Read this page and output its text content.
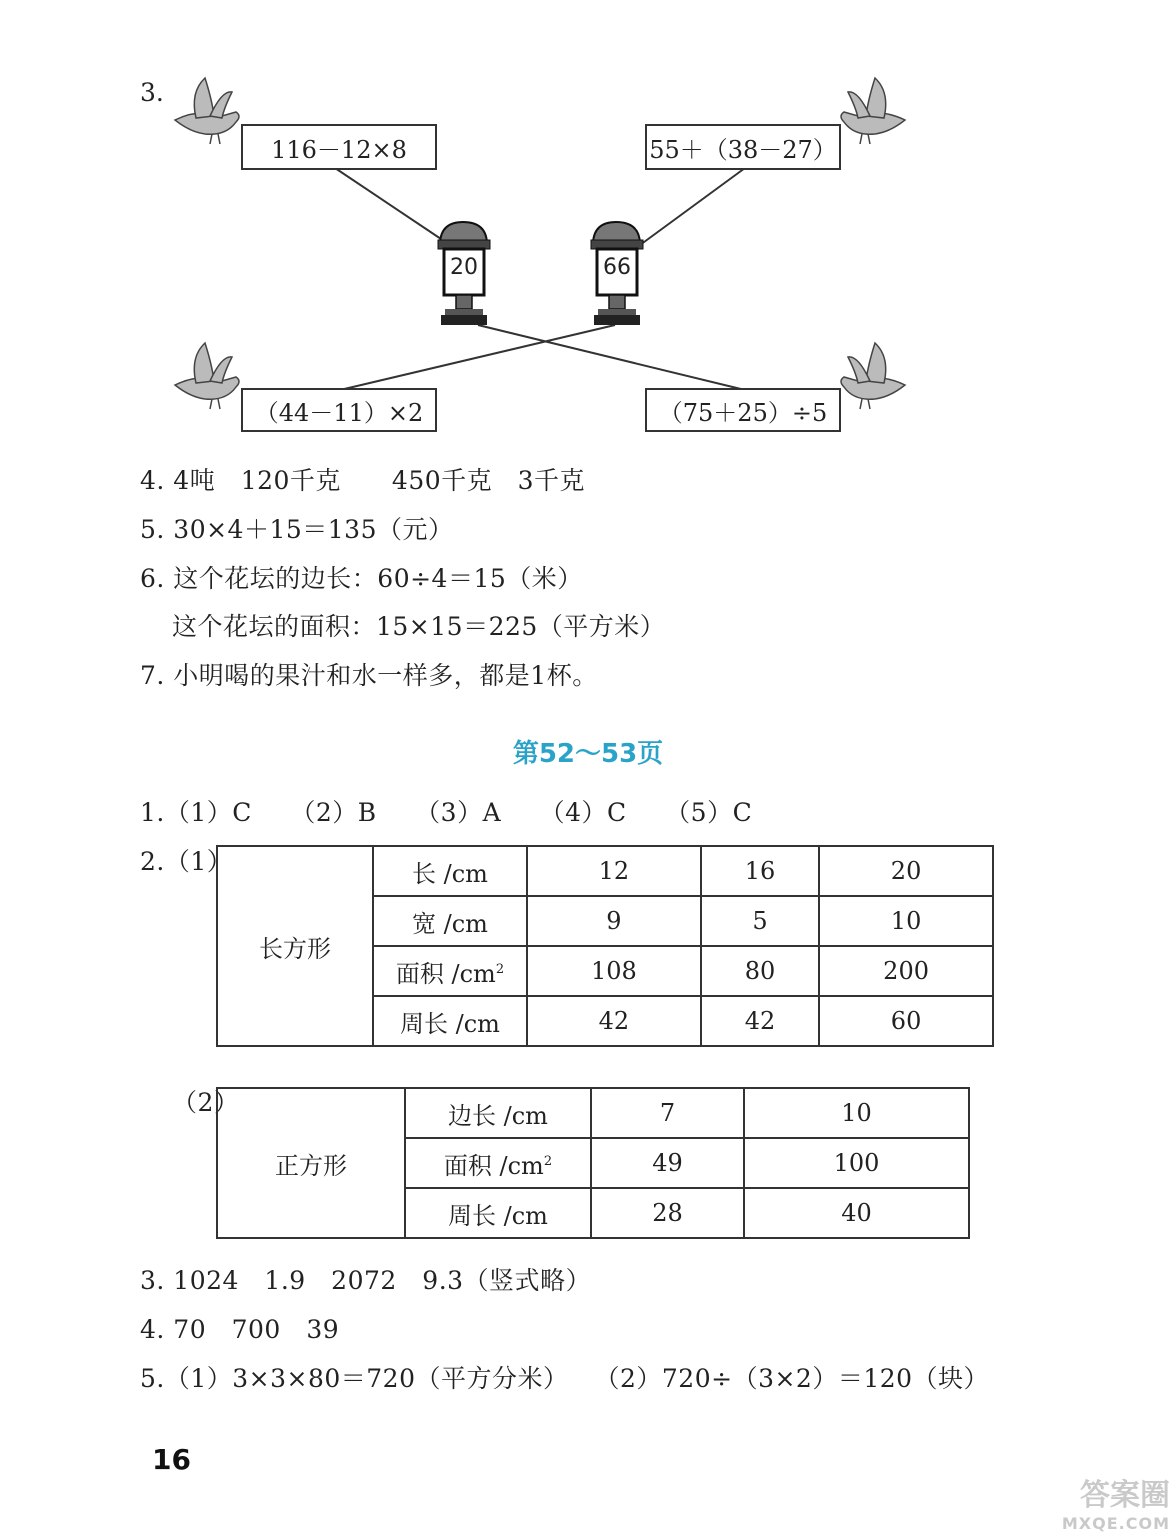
3.
20	66
116－12×8	55＋（38－27）
（44－11）×2	（75＋25）÷5
4. 4吨　120千克　　450千克　3千克
5. 30×4＋15＝135（元）
6. 这个花坛的边长：60÷4＝15（米）
这个花坛的面积：15×15＝225（平方米）
7. 小明喝的果汁和水一样多，都是1杯。
第52～53页
1.（1）C　　（2）B　　（3）A　　（4）C　　（5）C
2.（1）
长方形	长 /cm	12	16	20
	宽 /cm	9	5	10
	面积 $/cm^2$	108	80	200
	周长 /cm	42	42	60
（2）
正方形	边长 /cm	7	10
	面积 $/cm^2$	49	100
	周长 /cm	28	40
3. 1024　1.9　2072　9.3（竖式略）
4. 70　700　39
5.（1）3×3×80＝720（平方分米）　　（2）720÷（3×2）＝120（块）
16
答案圈
MXQE.COM
